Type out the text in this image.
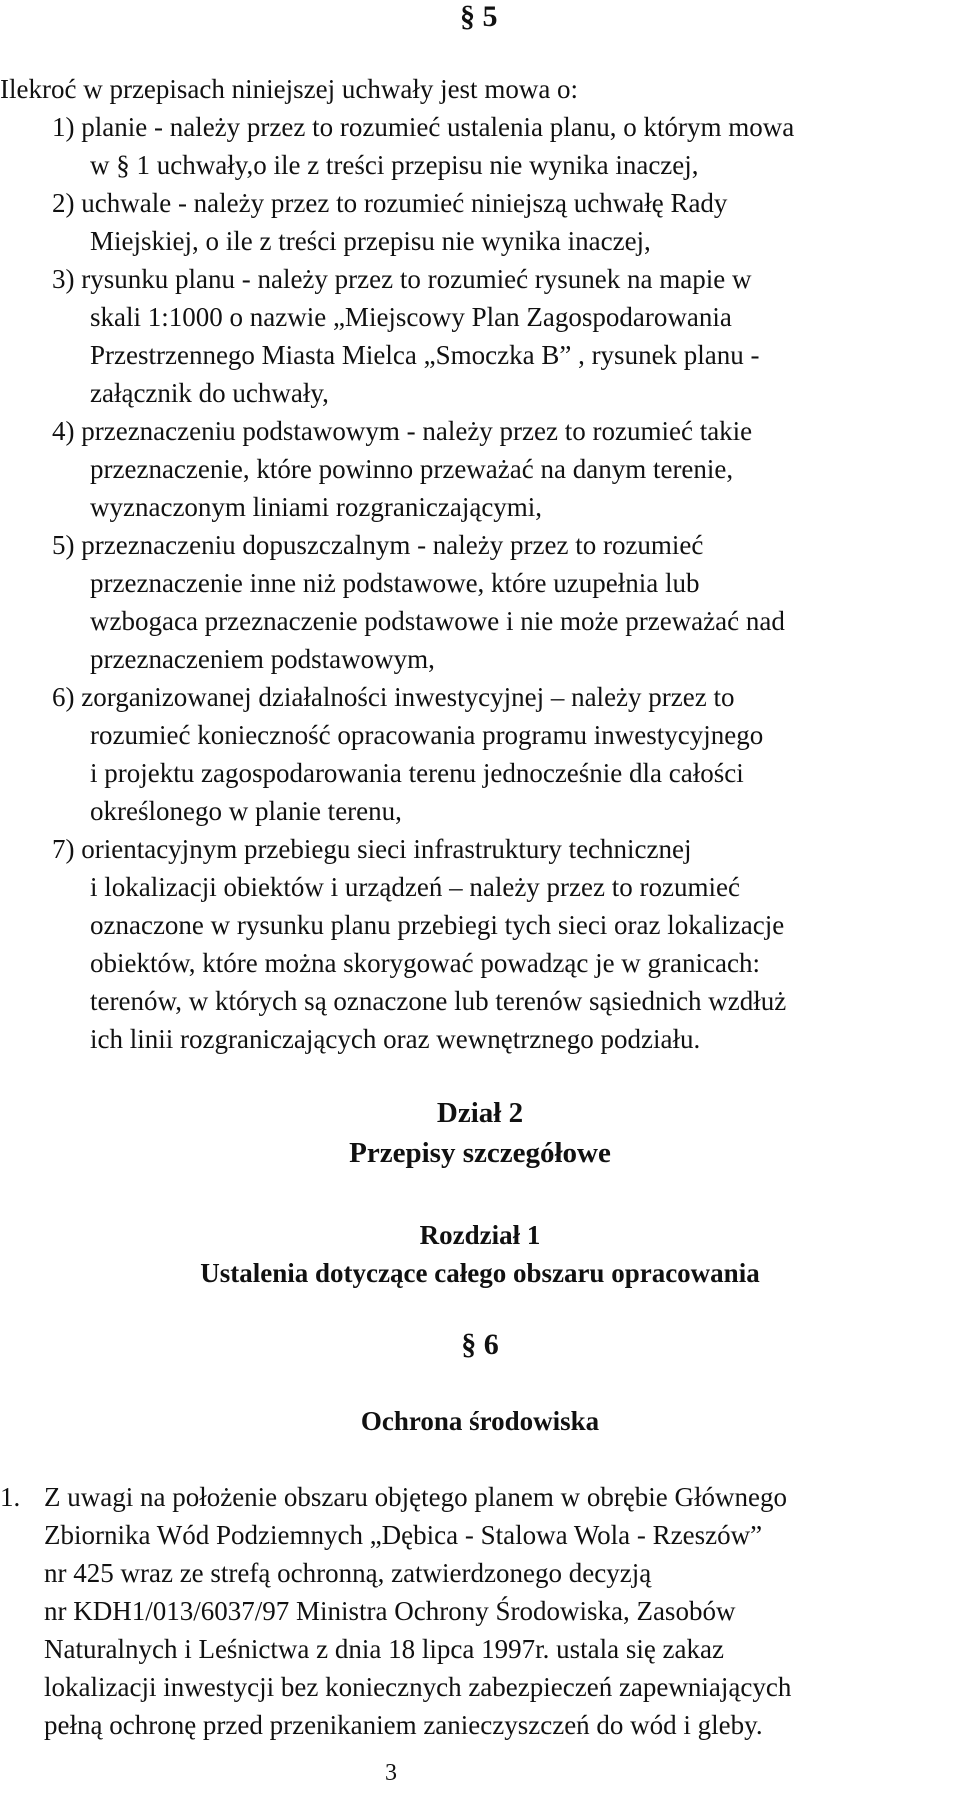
§ 5
Ilekroć w przepisach niniejszej uchwały jest mowa o:
1) planie - należy przez to rozumieć ustalenia planu, o którym mowa
w § 1 uchwały,o ile z treści przepisu nie wynika inaczej,
2) uchwale - należy przez to rozumieć niniejszą uchwałę Rady
Miejskiej, o ile z treści przepisu nie wynika inaczej,
3) rysunku planu - należy przez to rozumieć rysunek na mapie w
skali 1:1000 o nazwie „Miejscowy Plan Zagospodarowania
Przestrzennego Miasta Mielca „Smoczka B” , rysunek planu -
załącznik do uchwały,
4) przeznaczeniu podstawowym - należy przez to rozumieć takie
przeznaczenie, które powinno przeważać na danym terenie,
wyznaczonym liniami rozgraniczającymi,
5) przeznaczeniu dopuszczalnym - należy przez to rozumieć
przeznaczenie inne niż podstawowe, które uzupełnia lub
wzbogaca przeznaczenie podstawowe i nie może przeważać nad
przeznaczeniem podstawowym,
6) zorganizowanej działalności inwestycyjnej – należy przez to
rozumieć konieczność opracowania programu inwestycyjnego
i projektu zagospodarowania terenu jednocześnie dla całości
określonego w planie terenu,
7) orientacyjnym przebiegu sieci infrastruktury technicznej
i lokalizacji obiektów i urządzeń – należy przez to rozumieć
oznaczone w rysunku planu przebiegi tych sieci oraz lokalizacje
obiektów, które można skorygować powadząc je w granicach:
terenów, w których są oznaczone lub terenów sąsiednich wzdłuż
ich linii rozgraniczających oraz wewnętrznego podziału.
Dział 2
Przepisy szczegółowe
Rozdział 1
Ustalenia dotyczące całego obszaru opracowania
§ 6
Ochrona środowiska
1. Z uwagi na położenie obszaru objętego planem w obrębie Głównego
Zbiornika Wód Podziemnych „Dębica - Stalowa Wola - Rzeszów”
nr 425 wraz ze strefą ochronną, zatwierdzonego decyzją
nr KDH1/013/6037/97 Ministra Ochrony Środowiska, Zasobów
Naturalnych i Leśnictwa z dnia 18 lipca 1997r. ustala się zakaz
lokalizacji inwestycji bez koniecznych zabezpieczeń zapewniających
pełną ochronę przed przenikaniem zanieczyszczeń do wód i gleby.
3
